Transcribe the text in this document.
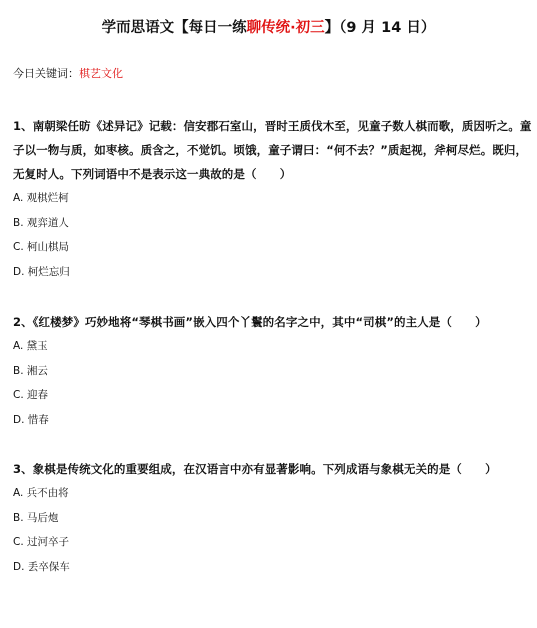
学而思语文【每日一练聊传统·初三】（9 月 14 日）
今日关键词：棋艺文化

1、南朝梁任昉《述异记》记载：信安郡石室山，晋时王质伐木至，见童子数人棋而歌，质因听之。童子以一物与质，如枣核。质含之，不觉饥。顷饿，童子谓曰：“何不去？”质起视，斧柯尽烂。既归，无复时人。下列词语中不是表示这一典故的是（　　）

A. 观棋烂柯

B. 观弈道人

C. 柯山棋局

D. 柯烂忘归

2、《红楼梦》巧妙地将“琴棋书画”嵌入四个丫鬟的名字之中，其中“司棋”的主人是（　　）

A. 黛玉

B. 湘云

C. 迎春

D. 惜春

3、象棋是传统文化的重要组成，在汉语言中亦有显著影响。下列成语与象棋无关的是（　　）

A. 兵不由将

B. 马后炮

C. 过河卒子

D. 丢卒保车
